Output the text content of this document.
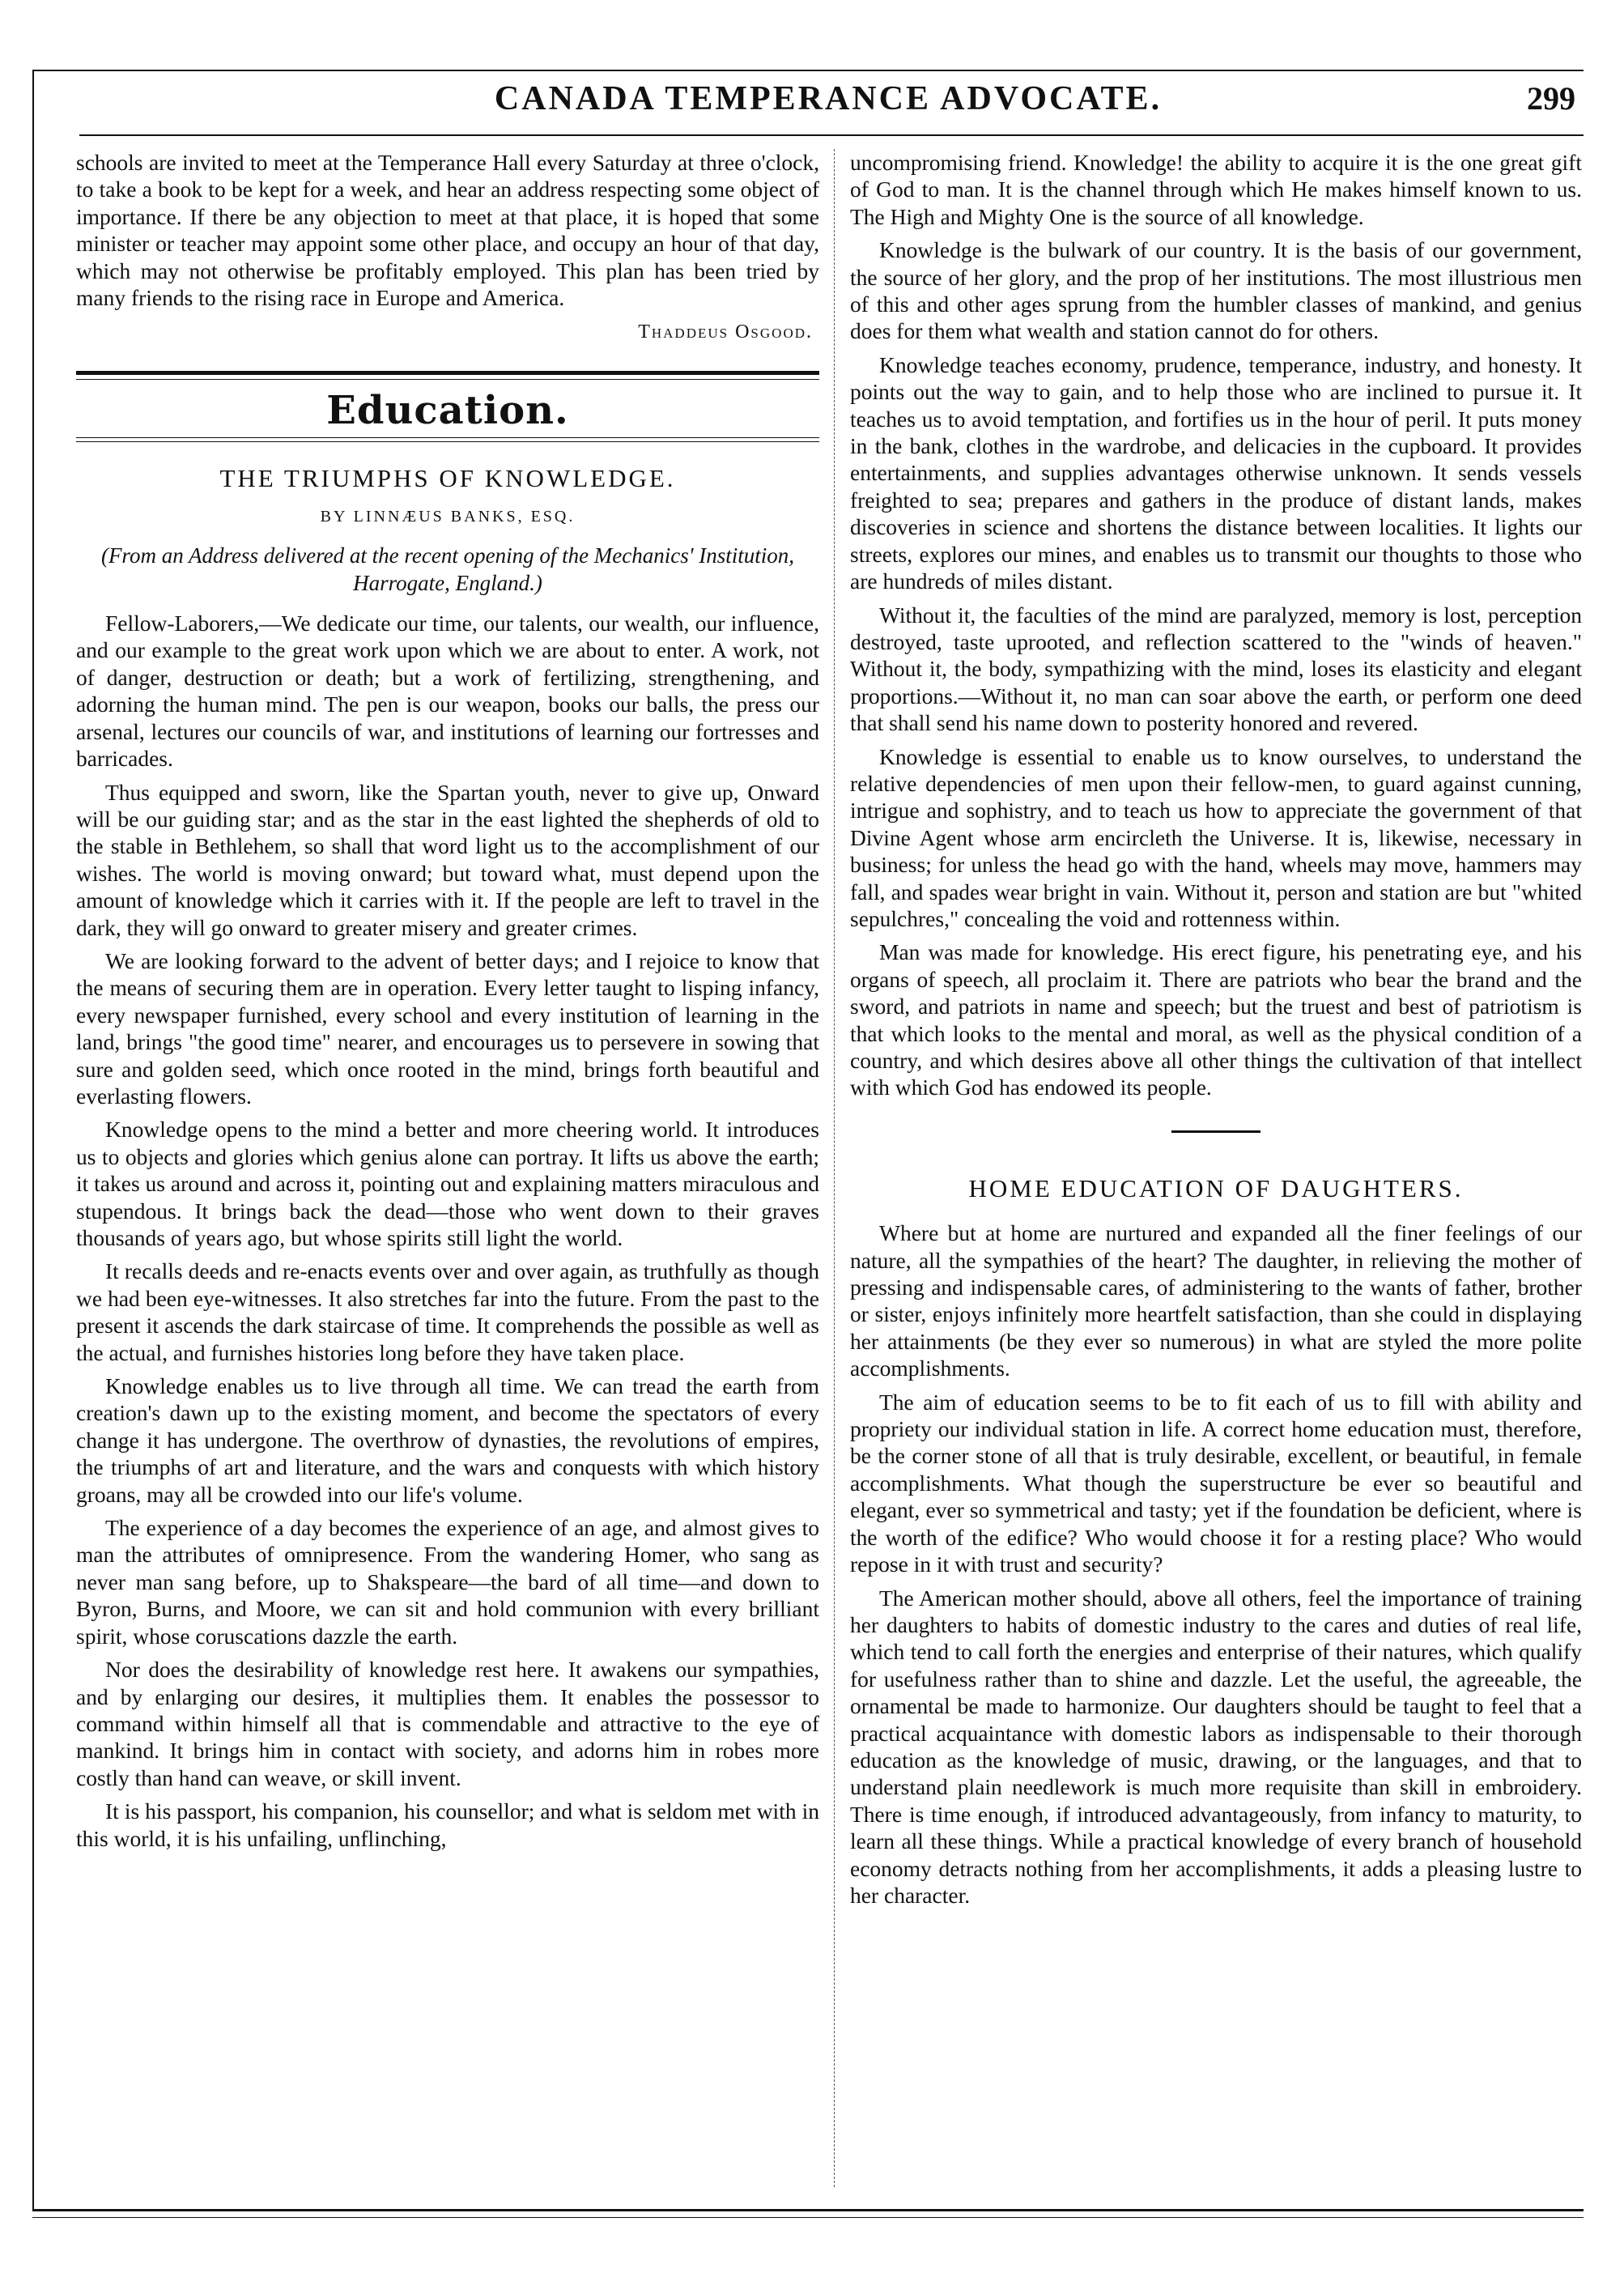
CANADA TEMPERANCE ADVOCATE.	299

schools are invited to meet at the Temperance Hall every Saturday at three o'clock, to take a book to be kept for a week, and hear an address respecting some object of importance. If there be any objection to meet at that place, it is hoped that some minister or teacher may appoint some other place, and occupy an hour of that day, which may not otherwise be profitably employed. This plan has been tried by many friends to the rising race in Europe and America.

Thaddeus Osgood.
Education.
THE TRIUMPHS OF KNOWLEDGE.
BY LINNÆUS BANKS, ESQ.
(From an Address delivered at the recent opening of the Mechanics' Institution, Harrogate, England.)

Fellow-Laborers,—We dedicate our time, our talents, our wealth, our influence, and our example to the great work upon which we are about to enter. A work, not of danger, destruction or death; but a work of fertilizing, strengthening, and adorning the human mind. The pen is our weapon, books our balls, the press our arsenal, lectures our councils of war, and institutions of learning our fortresses and barricades.

Thus equipped and sworn, like the Spartan youth, never to give up, Onward will be our guiding star; and as the star in the east lighted the shepherds of old to the stable in Bethlehem, so shall that word light us to the accomplishment of our wishes. The world is moving onward; but toward what, must depend upon the amount of knowledge which it carries with it. If the people are left to travel in the dark, they will go onward to greater misery and greater crimes.

We are looking forward to the advent of better days; and I rejoice to know that the means of securing them are in operation. Every letter taught to lisping infancy, every newspaper furnished, every school and every institution of learning in the land, brings "the good time" nearer, and encourages us to persevere in sowing that sure and golden seed, which once rooted in the mind, brings forth beautiful and everlasting flowers.

Knowledge opens to the mind a better and more cheering world. It introduces us to objects and glories which genius alone can portray. It lifts us above the earth; it takes us around and across it, pointing out and explaining matters miraculous and stupendous. It brings back the dead—those who went down to their graves thousands of years ago, but whose spirits still light the world.

It recalls deeds and re-enacts events over and over again, as truthfully as though we had been eye-witnesses. It also stretches far into the future. From the past to the present it ascends the dark staircase of time. It comprehends the possible as well as the actual, and furnishes histories long before they have taken place.

Knowledge enables us to live through all time. We can tread the earth from creation's dawn up to the existing moment, and become the spectators of every change it has undergone. The overthrow of dynasties, the revolutions of empires, the triumphs of art and literature, and the wars and conquests with which history groans, may all be crowded into our life's volume.

The experience of a day becomes the experience of an age, and almost gives to man the attributes of omnipresence. From the wandering Homer, who sang as never man sang before, up to Shakspeare—the bard of all time—and down to Byron, Burns, and Moore, we can sit and hold communion with every brilliant spirit, whose coruscations dazzle the earth.

Nor does the desirability of knowledge rest here. It awakens our sympathies, and by enlarging our desires, it multiplies them. It enables the possessor to command within himself all that is commendable and attractive to the eye of mankind. It brings him in contact with society, and adorns him in robes more costly than hand can weave, or skill invent.

It is his passport, his companion, his counsellor; and what is seldom met with in this world, it is his unfailing, unflinching,

uncompromising friend. Knowledge! the ability to acquire it is the one great gift of God to man. It is the channel through which He makes himself known to us. The High and Mighty One is the source of all knowledge.

Knowledge is the bulwark of our country. It is the basis of our government, the source of her glory, and the prop of her institutions. The most illustrious men of this and other ages sprung from the humbler classes of mankind, and genius does for them what wealth and station cannot do for others.

Knowledge teaches economy, prudence, temperance, industry, and honesty. It points out the way to gain, and to help those who are inclined to pursue it. It teaches us to avoid temptation, and fortifies us in the hour of peril. It puts money in the bank, clothes in the wardrobe, and delicacies in the cupboard. It provides entertainments, and supplies advantages otherwise unknown. It sends vessels freighted to sea; prepares and gathers in the produce of distant lands, makes discoveries in science and shortens the distance between localities. It lights our streets, explores our mines, and enables us to transmit our thoughts to those who are hundreds of miles distant.

Without it, the faculties of the mind are paralyzed, memory is lost, perception destroyed, taste uprooted, and reflection scattered to the "winds of heaven." Without it, the body, sympathizing with the mind, loses its elasticity and elegant proportions.—Without it, no man can soar above the earth, or perform one deed that shall send his name down to posterity honored and revered.

Knowledge is essential to enable us to know ourselves, to understand the relative dependencies of men upon their fellow-men, to guard against cunning, intrigue and sophistry, and to teach us how to appreciate the government of that Divine Agent whose arm encircleth the Universe. It is, likewise, necessary in business; for unless the head go with the hand, wheels may move, hammers may fall, and spades wear bright in vain. Without it, person and station are but "whited sepulchres," concealing the void and rottenness within.

Man was made for knowledge. His erect figure, his penetrating eye, and his organs of speech, all proclaim it. There are patriots who bear the brand and the sword, and patriots in name and speech; but the truest and best of patriotism is that which looks to the mental and moral, as well as the physical condition of a country, and which desires above all other things the cultivation of that intellect with which God has endowed its people.

HOME EDUCATION OF DAUGHTERS.

Where but at home are nurtured and expanded all the finer feelings of our nature, all the sympathies of the heart? The daughter, in relieving the mother of pressing and indispensable cares, of administering to the wants of father, brother or sister, enjoys infinitely more heartfelt satisfaction, than she could in displaying her attainments (be they ever so numerous) in what are styled the more polite accomplishments.

The aim of education seems to be to fit each of us to fill with ability and propriety our individual station in life. A correct home education must, therefore, be the corner stone of all that is truly desirable, excellent, or beautiful, in female accomplishments. What though the superstructure be ever so beautiful and elegant, ever so symmetrical and tasty; yet if the foundation be deficient, where is the worth of the edifice? Who would choose it for a resting place? Who would repose in it with trust and security?

The American mother should, above all others, feel the importance of training her daughters to habits of domestic industry to the cares and duties of real life, which tend to call forth the energies and enterprise of their natures, which qualify for usefulness rather than to shine and dazzle. Let the useful, the agreeable, the ornamental be made to harmonize. Our daughters should be taught to feel that a practical acquaintance with domestic labors as indispensable to their thorough education as the knowledge of music, drawing, or the languages, and that to understand plain needlework is much more requisite than skill in embroidery. There is time enough, if introduced advantageously, from infancy to maturity, to learn all these things. While a practical knowledge of every branch of household economy detracts nothing from her accomplishments, it adds a pleasing lustre to her character.
